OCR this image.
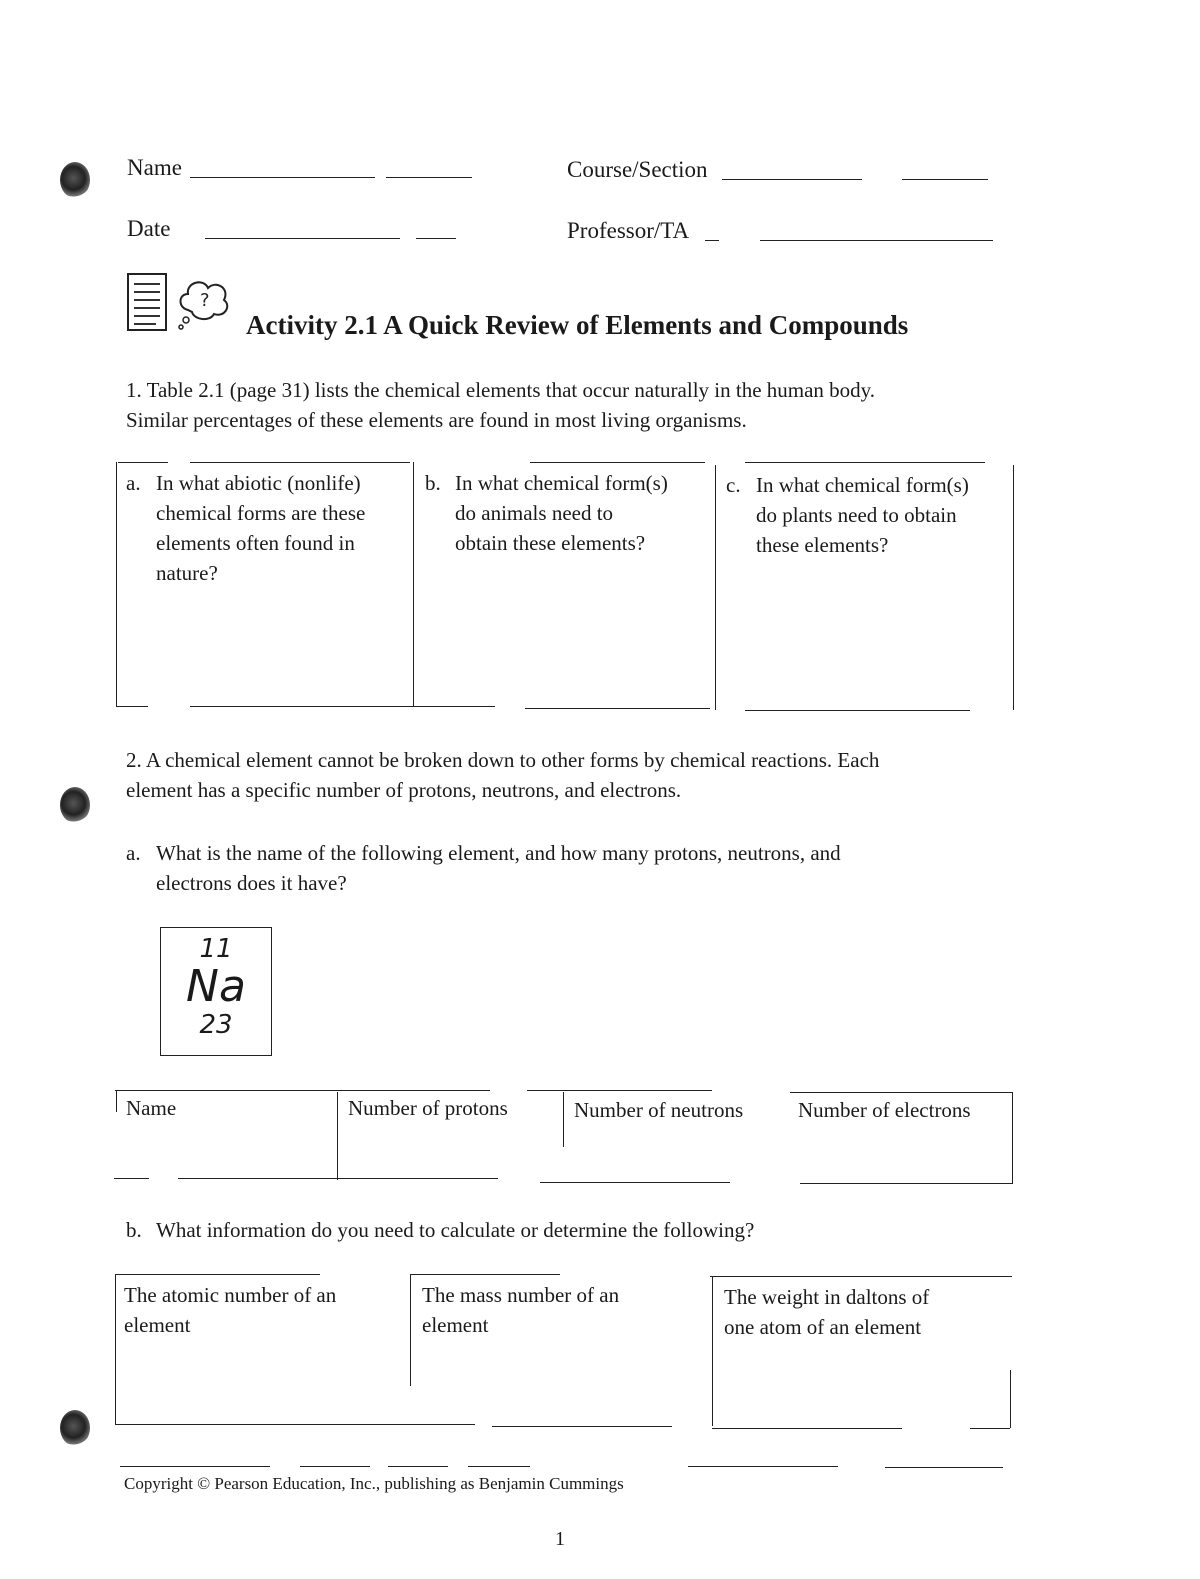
Name	Course/Section
Date	Professor/TA
?
Activity 2.1 A Quick Review of Elements and Compounds
1. Table 2.1 (page 31) lists the chemical elements that occur naturally in the human body.
Similar percentages of these elements are found in most living organisms.
a. In what abiotic (nonlife)
chemical forms are these
elements often found in
nature?
b. In what chemical form(s)
do animals need to
obtain these elements?
c. In what chemical form(s)
do plants need to obtain
these elements?
2. A chemical element cannot be broken down to other forms by chemical reactions. Each
element has a specific number of protons, neutrons, and electrons.
a. What is the name of the following element, and how many protons, neutrons, and
electrons does it have?
11
Na
23
Name	Number of protons	Number of neutrons	Number of electrons
b. What information do you need to calculate or determine the following?
The atomic number of an
element
The mass number of an
element
The weight in daltons of
one atom of an element
Copyright © Pearson Education, Inc., publishing as Benjamin Cummings
1
